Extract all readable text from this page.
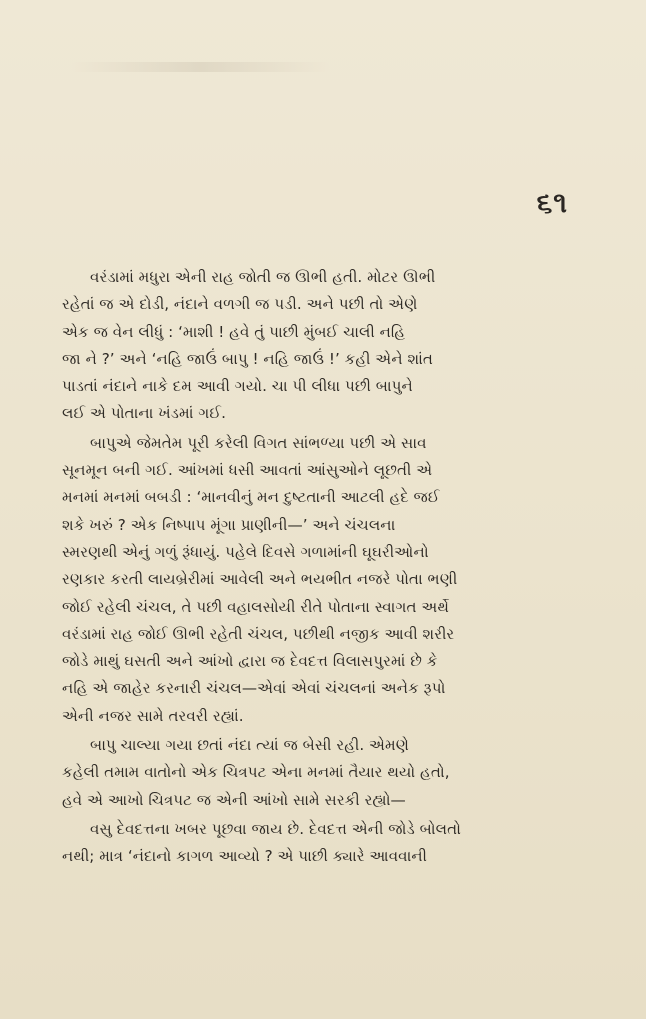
૬૧
વરંડામાં મધુરા એની રાહ જોતી જ ઊભી હતી. મોટર ઊભી
રહેતાં જ એ દોડી, નંદાને વળગી જ પડી. અને પછી તો એણે
એક જ વેન લીધું : ‘માશી ! હવે તું પાછી મુંબઈ ચાલી નહિ
જા ને ?’ અને ‘નહિ જાઉં બાપુ ! નહિ જાઉં !’ કહી એને શાંત
પાડતાં નંદાને નાકે દમ આવી ગયો. ચા પી લીધા પછી બાપુને
લઈ એ પોતાના ખંડમાં ગઈ.
બાપુએ જેમતેમ પૂરી કરેલી વિગત સાંભળ્યા પછી એ સાવ
સૂનમૂન બની ગઈ. આંખમાં ધસી આવતાં આંસુઓને લૂછતી એ
મનમાં મનમાં બબડી : ‘માનવીનું મન દુષ્ટતાની આટલી હદે જઈ
શકે ખરું ? એક નિષ્પાપ મૂંગા પ્રાણીની—’ અને ચંચલના
સ્મરણથી એનું ગળું રૂંધાયું. પહેલે દિવસે ગળામાંની ઘૂઘરીઓનો
રણકાર કરતી લાયબ્રેરીમાં આવેલી અને ભયભીત નજરે પોતા ભણી
જોઈ રહેલી ચંચલ, તે પછી વહાલસોયી રીતે પોતાના સ્વાગત અર્થે
વરંડામાં રાહ જોઈ ઊભી રહેતી ચંચલ, પછીથી નજીક આવી શરીર
જોડે માથું ઘસતી અને આંખો દ્વારા જ દેવદત્ત વિલાસપુરમાં છે કે
નહિ એ જાહેર કરનારી ચંચલ—એવાં એવાં ચંચલનાં અનેક રૂપો
એની નજર સામે તરવરી રહ્યાં.
બાપુ ચાલ્યા ગયા છતાં નંદા ત્યાં જ બેસી રહી. એમણે
કહેલી તમામ વાતોનો એક ચિત્રપટ એના મનમાં તૈયાર થયો હતો,
હવે એ આખો ચિત્રપટ જ એની આંખો સામે સરકી રહ્યો—
વસુ દેવદત્તના ખબર પૂછવા જાય છે. દેવદત્ત એની જોડે બોલતો
નથી; માત્ર ‘નંદાનો કાગળ આવ્યો ? એ પાછી ક્યારે આવવાની
